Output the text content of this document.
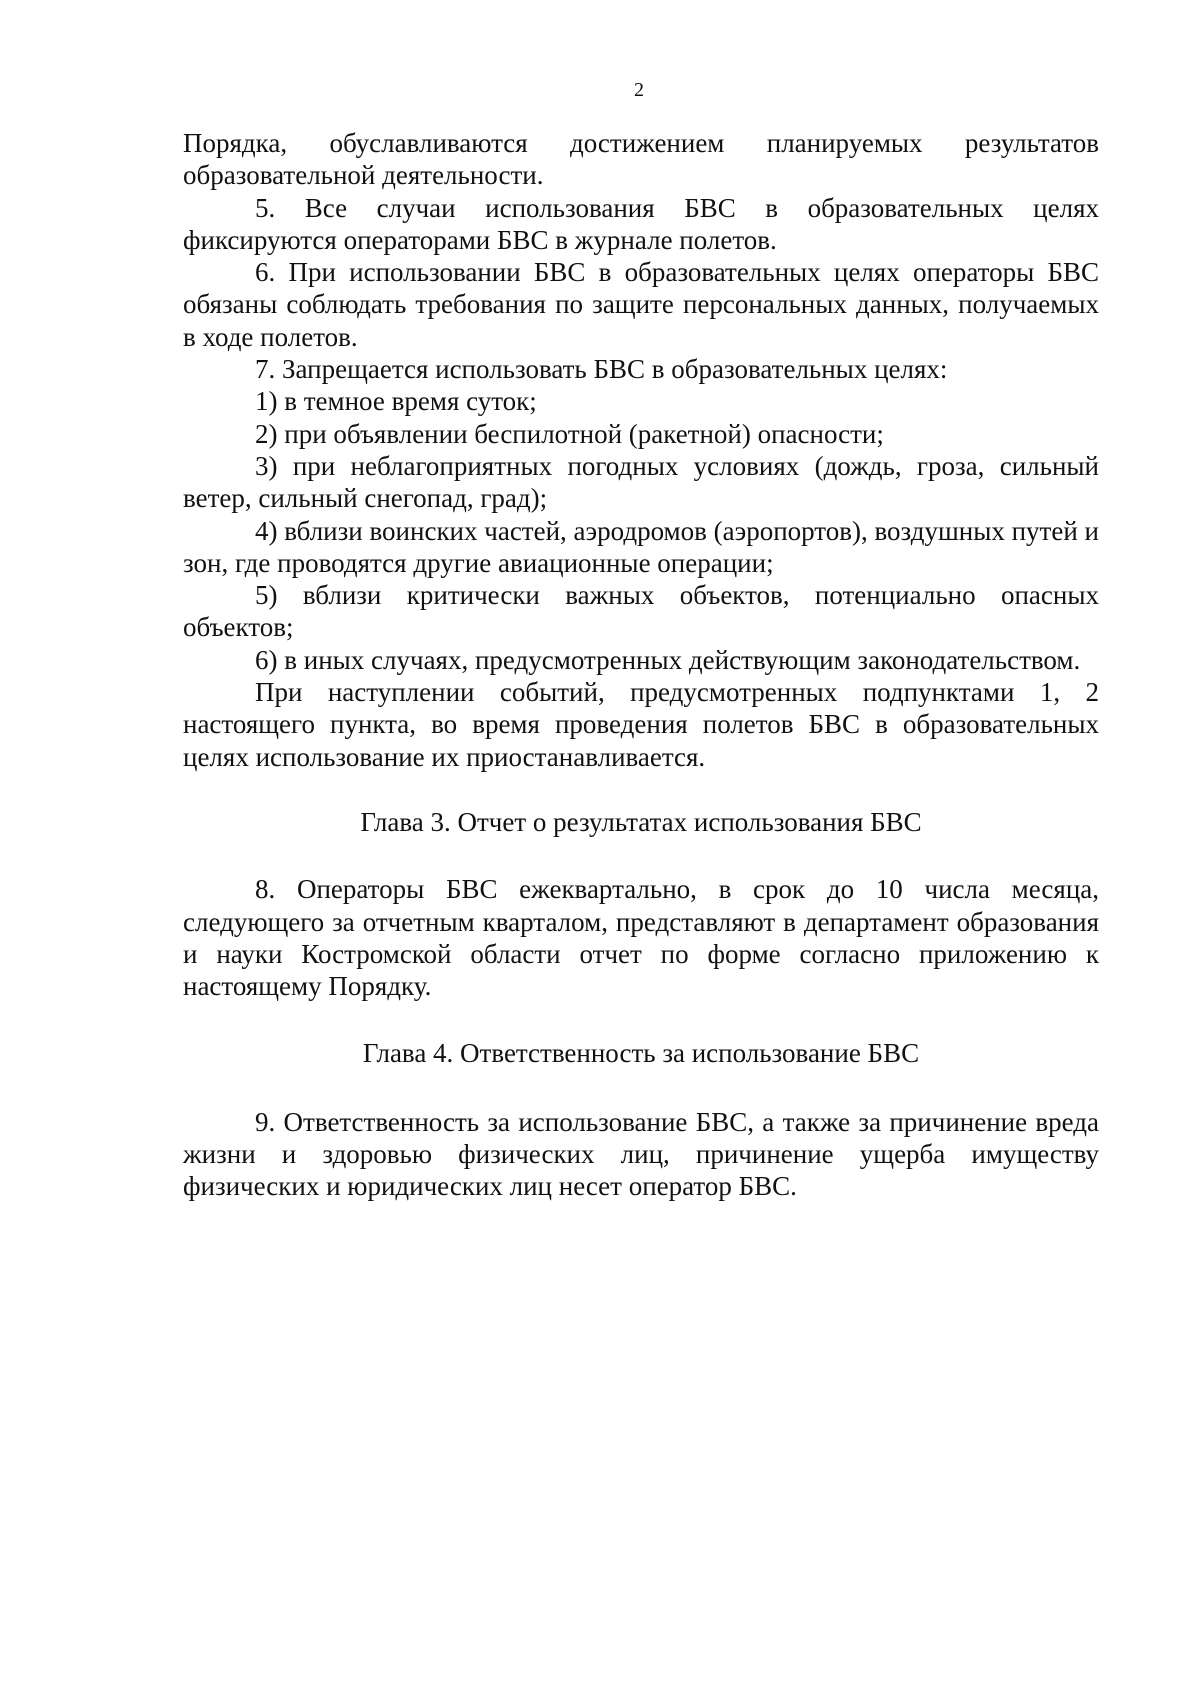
2

Порядка, обуславливаются достижением планируемых результатов образовательной деятельности.

5. Все случаи использования БВС в образовательных целях фиксируются операторами БВС в журнале полетов.

6. При использовании БВС в образовательных целях операторы БВС обязаны соблюдать требования по защите персональных данных, получаемых в ходе полетов.

7. Запрещается использовать БВС в образовательных целях:

1) в темное время суток;

2) при объявлении беспилотной (ракетной) опасности;

3) при неблагоприятных погодных условиях (дождь, гроза, сильный ветер, сильный снегопад, град);

4) вблизи воинских частей, аэродромов (аэропортов), воздушных путей и зон, где проводятся другие авиационные операции;

5) вблизи критически важных объектов, потенциально опасных объектов;

6) в иных случаях, предусмотренных действующим законодательством.

При наступлении событий, предусмотренных подпунктами 1, 2 настоящего пункта, во время проведения полетов БВС в образовательных целях использование их приостанавливается.

Глава 3. Отчет о результатах использования БВС

8. Операторы БВС ежеквартально, в срок до 10 числа месяца, следующего за отчетным кварталом, представляют в департамент образования и науки Костромской области отчет по форме согласно приложению к настоящему Порядку.

Глава 4. Ответственность за использование БВС

9. Ответственность за использование БВС, а также за причинение вреда жизни и здоровью физических лиц, причинение ущерба имуществу физических и юридических лиц несет оператор БВС.
